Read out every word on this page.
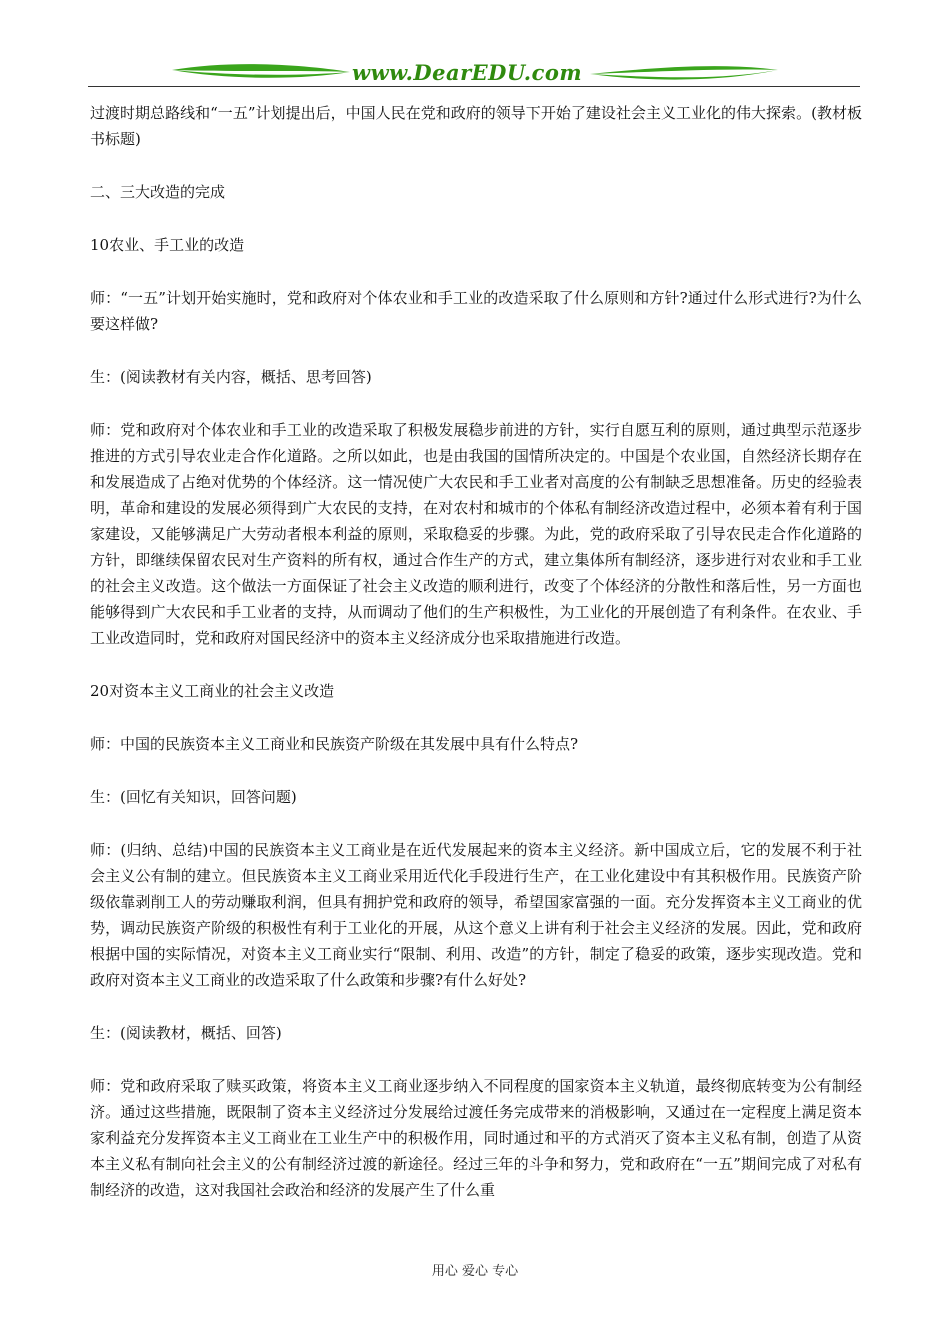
www.DearEDU.com

过渡时期总路线和“一五”计划提出后，中国人民在党和政府的领导下开始了建设社会主义工业化的伟大探索。(教材板书标题)

二、三大改造的完成

10农业、手工业的改造

师：“一五”计划开始实施时，党和政府对个体农业和手工业的改造采取了什么原则和方针?通过什么形式进行?为什么要这样做?

生：(阅读教材有关内容，概括、思考回答)

师：党和政府对个体农业和手工业的改造采取了积极发展稳步前进的方针，实行自愿互利的原则，通过典型示范逐步推进的方式引导农业走合作化道路。之所以如此，也是由我国的国情所决定的。中国是个农业国，自然经济长期存在和发展造成了占绝对优势的个体经济。这一情况使广大农民和手工业者对高度的公有制缺乏思想准备。历史的经验表明，革命和建设的发展必须得到广大农民的支持，在对农村和城市的个体私有制经济改造过程中，必须本着有利于国家建设，又能够满足广大劳动者根本利益的原则，采取稳妥的步骤。为此，党的政府采取了引导农民走合作化道路的方针，即继续保留农民对生产资料的所有权，通过合作生产的方式，建立集体所有制经济，逐步进行对农业和手工业的社会主义改造。这个做法一方面保证了社会主义改造的顺利进行，改变了个体经济的分散性和落后性，另一方面也能够得到广大农民和手工业者的支持，从而调动了他们的生产积极性，为工业化的开展创造了有利条件。在农业、手工业改造同时，党和政府对国民经济中的资本主义经济成分也采取措施进行改造。

20对资本主义工商业的社会主义改造

师：中国的民族资本主义工商业和民族资产阶级在其发展中具有什么特点?

生：(回忆有关知识，回答问题)

师：(归纳、总结)中国的民族资本主义工商业是在近代发展起来的资本主义经济。新中国成立后，它的发展不利于社会主义公有制的建立。但民族资本主义工商业采用近代化手段进行生产，在工业化建设中有其积极作用。民族资产阶级依靠剥削工人的劳动赚取利润，但具有拥护党和政府的领导，希望国家富强的一面。充分发挥资本主义工商业的优势，调动民族资产阶级的积极性有利于工业化的开展，从这个意义上讲有利于社会主义经济的发展。因此，党和政府根据中国的实际情况，对资本主义工商业实行“限制、利用、改造”的方针，制定了稳妥的政策，逐步实现改造。党和政府对资本主义工商业的改造采取了什么政策和步骤?有什么好处?

生：(阅读教材，概括、回答)

师：党和政府采取了赎买政策，将资本主义工商业逐步纳入不同程度的国家资本主义轨道，最终彻底转变为公有制经济。通过这些措施，既限制了资本主义经济过分发展给过渡任务完成带来的消极影响，又通过在一定程度上满足资本家利益充分发挥资本主义工商业在工业生产中的积极作用，同时通过和平的方式消灭了资本主义私有制，创造了从资本主义私有制向社会主义的公有制经济过渡的新途径。经过三年的斗争和努力，党和政府在“一五”期间完成了对私有制经济的改造，这对我国社会政治和经济的发展产生了什么重

用心 爱心 专心
